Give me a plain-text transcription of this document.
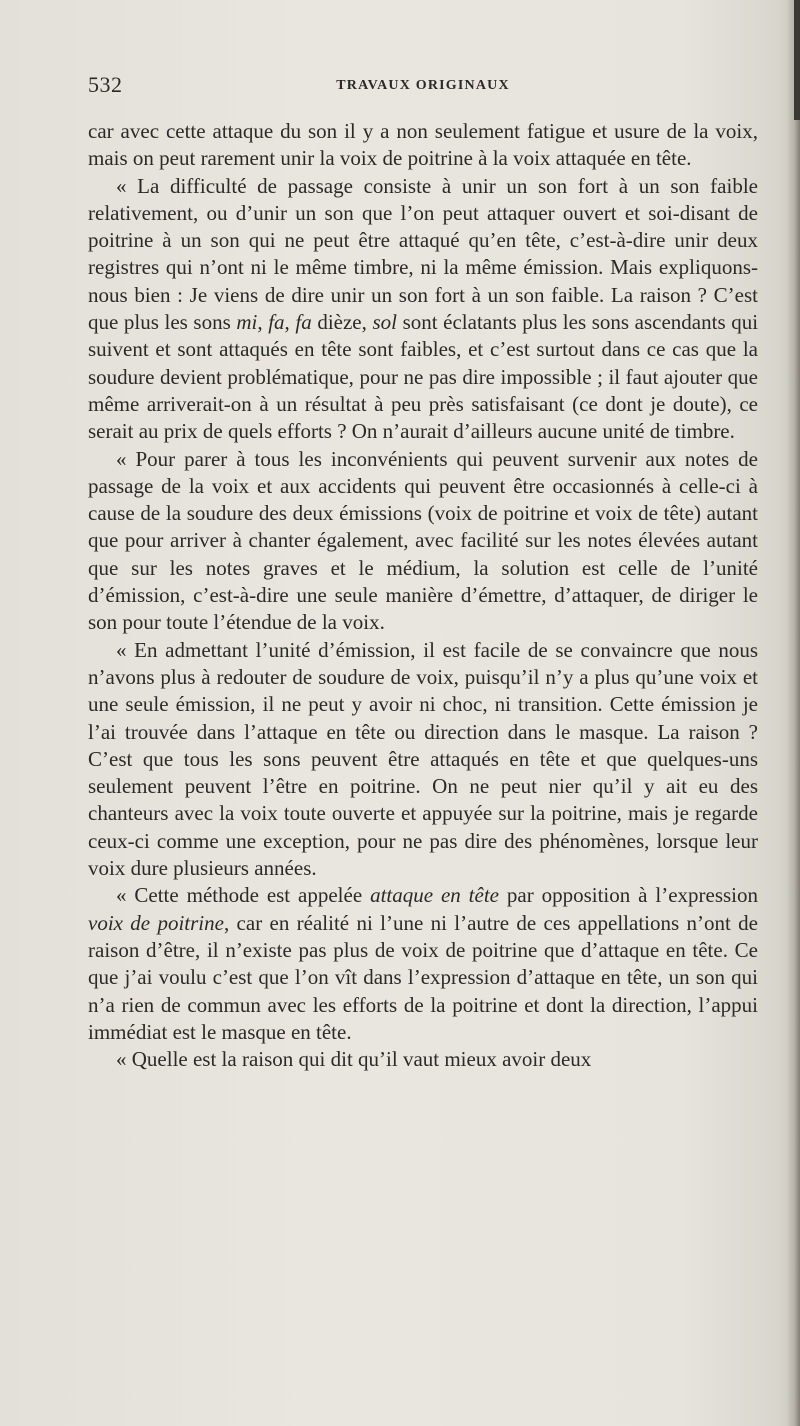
532	TRAVAUX ORIGINAUX

car avec cette attaque du son il y a non seulement fatigue et usure de la voix, mais on peut rarement unir la voix de poitrine à la voix attaquée en tête.

« La difficulté de passage consiste à unir un son fort à un son faible relativement, ou d’unir un son que l’on peut attaquer ouvert et soi-disant de poitrine à un son qui ne peut être attaqué qu’en tête, c’est-à-dire unir deux registres qui n’ont ni le même timbre, ni la même émission. Mais expliquons-nous bien : Je viens de dire unir un son fort à un son faible. La raison ? C’est que plus les sons mi, fa, fa dièze, sol sont éclatants plus les sons ascendants qui suivent et sont attaqués en tête sont faibles, et c’est surtout dans ce cas que la soudure devient problématique, pour ne pas dire impossible ; il faut ajouter que même arriverait-on à un résultat à peu près satisfaisant (ce dont je doute), ce serait au prix de quels efforts ? On n’aurait d’ailleurs aucune unité de timbre.

« Pour parer à tous les inconvénients qui peuvent survenir aux notes de passage de la voix et aux accidents qui peuvent être occasionnés à celle-ci à cause de la soudure des deux émissions (voix de poitrine et voix de tête) autant que pour arriver à chanter également, avec facilité sur les notes élevées autant que sur les notes graves et le médium, la solution est celle de l’unité d’émission, c’est-à-dire une seule manière d’émettre, d’attaquer, de diriger le son pour toute l’étendue de la voix.

« En admettant l’unité d’émission, il est facile de se convaincre que nous n’avons plus à redouter de soudure de voix, puisqu’il n’y a plus qu’une voix et une seule émission, il ne peut y avoir ni choc, ni transition. Cette émission je l’ai trouvée dans l’attaque en tête ou direction dans le masque. La raison ? C’est que tous les sons peuvent être attaqués en tête et que quelques-uns seulement peuvent l’être en poitrine. On ne peut nier qu’il y ait eu des chanteurs avec la voix toute ouverte et appuyée sur la poitrine, mais je regarde ceux-ci comme une exception, pour ne pas dire des phénomènes, lorsque leur voix dure plusieurs années.

« Cette méthode est appelée attaque en tête par opposition à l’expression voix de poitrine, car en réalité ni l’une ni l’autre de ces appellations n’ont de raison d’être, il n’existe pas plus de voix de poitrine que d’attaque en tête. Ce que j’ai voulu c’est que l’on vît dans l’expression d’attaque en tête, un son qui n’a rien de commun avec les efforts de la poitrine et dont la direction, l’appui immédiat est le masque en tête.

« Quelle est la raison qui dit qu’il vaut mieux avoir deux
